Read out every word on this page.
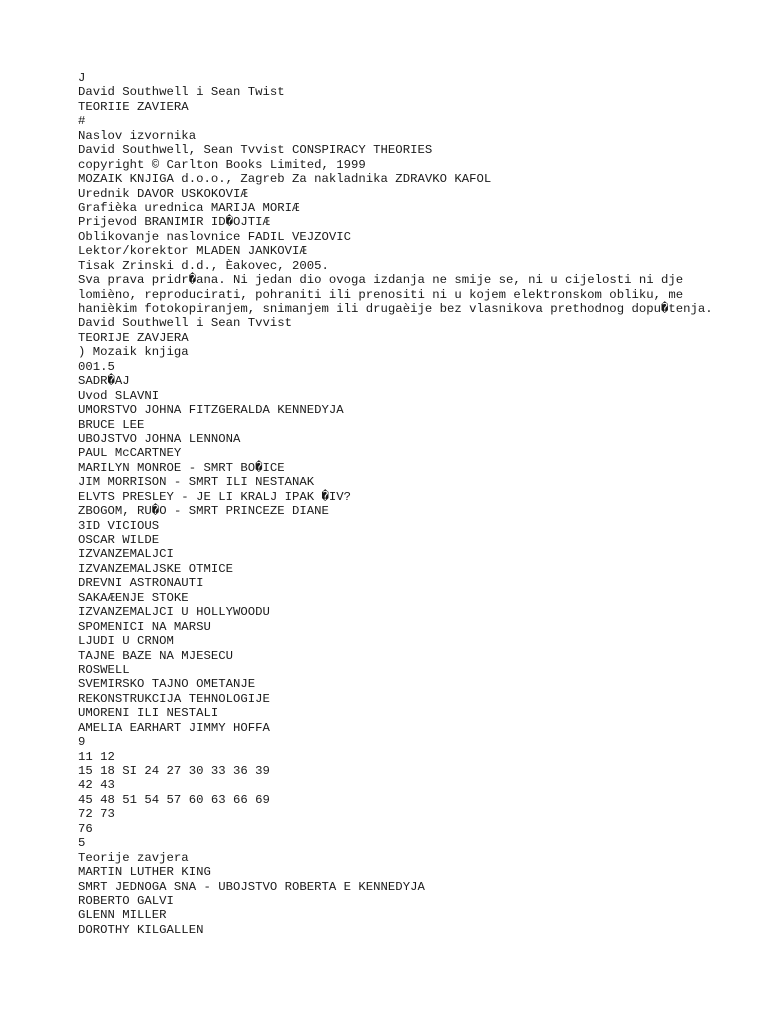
J
David Southwell i Sean Twist
TEORIIE ZAVIERA
#
Naslov izvornika
David Southwell, Sean Tvvist CONSPIRACY THEORIES
copyright © Carlton Books Limited, 1999
MOZAIK KNJIGA d.o.o., Zagreb Za nakladnika ZDRAVKO KAFOL
Urednik DAVOR USKOKOVIÆ
Grafièka urednica MARIJA MORIÆ
Prijevod BRANIMIR ID�OJTIÆ
Oblikovanje naslovnice FADIL VEJZOVIC
Lektor/korektor MLADEN JANKOVIÆ
Tisak Zrinski d.d., Èakovec, 2005.
Sva prava pridr�ana. Ni jedan dio ovoga izdanja ne smije se, ni u cijelosti ni dje
lomièno, reproducirati, pohraniti ili prenositi ni u kojem elektronskom obliku, me
hanièkim fotokopiranjem, snimanjem ili drugaèije bez vlasnikova prethodnog dopu�tenja.
David Southwell i Sean Tvvist
TEORIJE ZAVJERA
) Mozaik knjiga
001.5
SADR�AJ
Uvod SLAVNI
UMORSTVO JOHNA FITZGERALDA KENNEDYJA
BRUCE LEE
UBOJSTVO JOHNA LENNONA
PAUL McCARTNEY
MARILYN MONROE - SMRT BO�ICE
JIM MORRISON - SMRT ILI NESTANAK
ELVTS PRESLEY - JE LI KRALJ IPAK �IV?
ZBOGOM, RU�O - SMRT PRINCEZE DIANE
3ID VICIOUS
OSCAR WILDE
IZVANZEMALJCI
IZVANZEMALJSKE OTMICE
DREVNI ASTRONAUTI
SAKAÆENJE STOKE
IZVANZEMALJCI U HOLLYWOODU
SPOMENICI NA MARSU
LJUDI U CRNOM
TAJNE BAZE NA MJESECU
ROSWELL
SVEMIRSKO TAJNO OMETANJE
REKONSTRUKCIJA TEHNOLOGIJE
UMORENI ILI NESTALI
AMELIA EARHART JIMMY HOFFA
9
11 12
15 18 SI 24 27 30 33 36 39
42 43
45 48 51 54 57 60 63 66 69
72 73
76
5
Teorije zavjera
MARTIN LUTHER KING
SMRT JEDNOGA SNA - UBOJSTVO ROBERTA E KENNEDYJA
ROBERTO GALVI
GLENN MILLER
DOROTHY KILGALLEN
